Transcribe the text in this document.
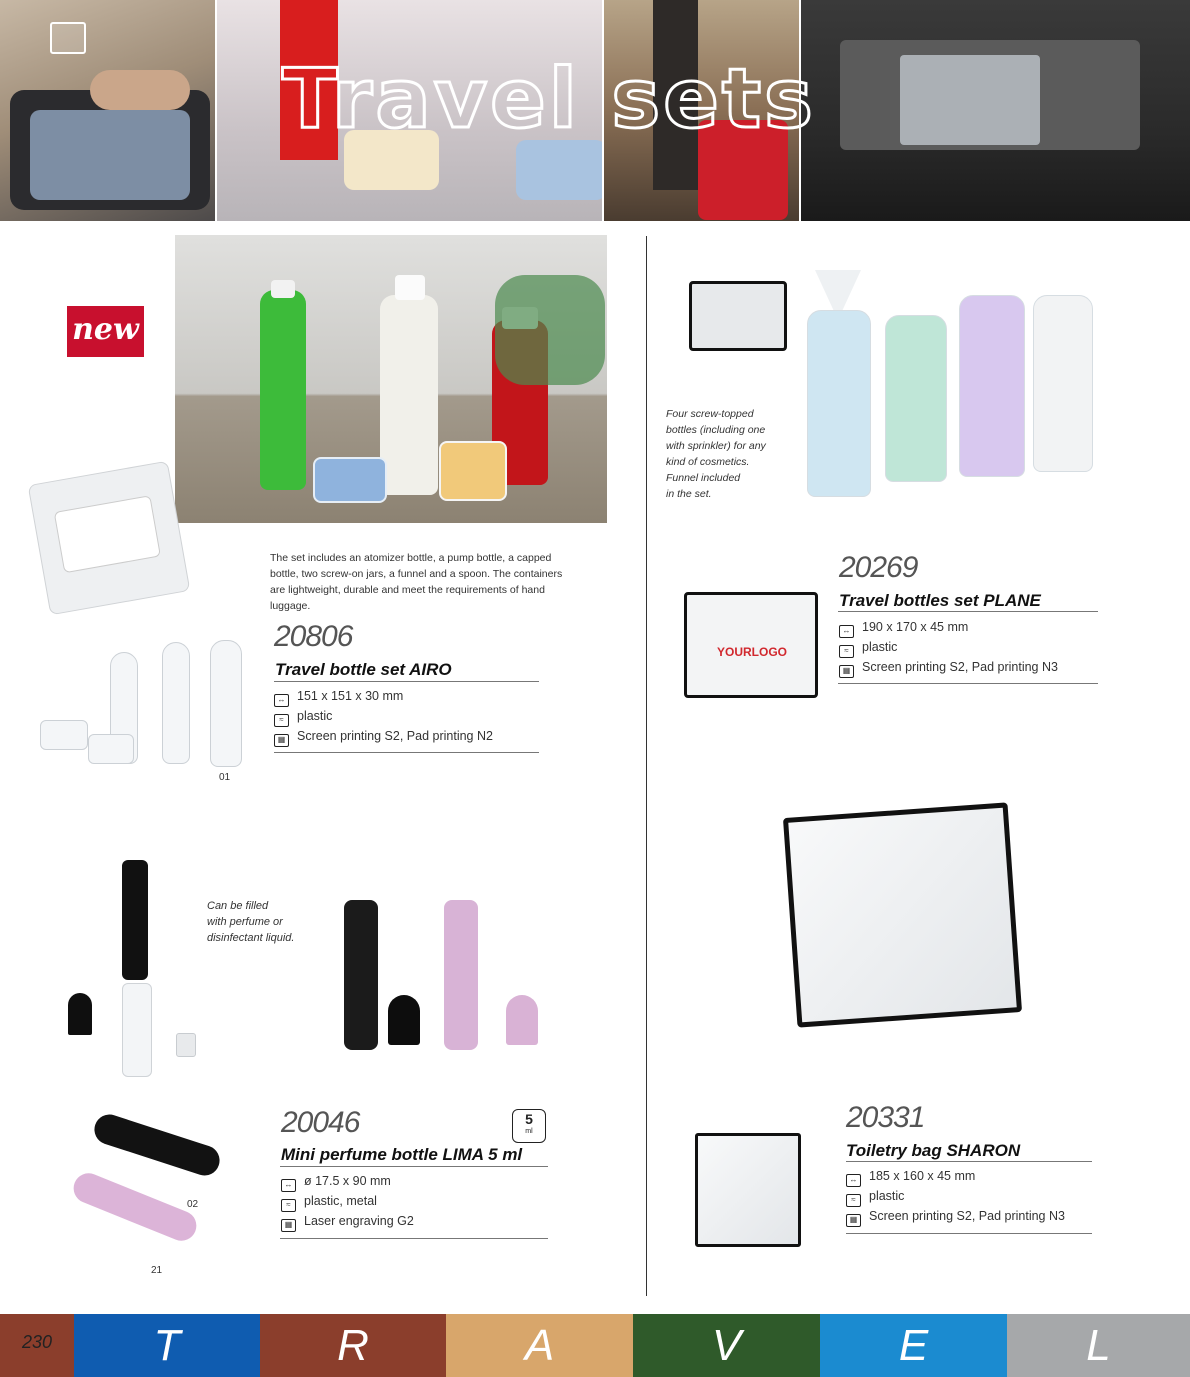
Travel sets
new
The set includes an atomizer bottle, a pump bottle, a capped bottle, two screw-on jars, a funnel and a spoon. The containers are lightweight, durable and meet the requirements of hand luggage.
01
20806
Travel bottle set AIRO
↔ 151 x 151 x 30 mm
≈ plastic
▦ Screen printing S2, Pad printing N2
Can be filled
with perfume or
disinfectant liquid.
02
21
20046	5
ml
Mini perfume bottle LIMA 5 ml
↔ ø 17.5 x 90 mm
≈ plastic, metal
▦ Laser engraving G2
Four screw-topped
bottles (including one
with sprinkler) for any
kind of cosmetics.
Funnel included
in the set.
YOURLOGO
20269
Travel bottles set PLANE
↔ 190 x 170 x 45 mm
≈ plastic
▦ Screen printing S2, Pad printing N3
20331
Toiletry bag SHARON
↔ 185 x 160 x 45 mm
≈ plastic
▦ Screen printing S2, Pad printing N3
230	T	R	A	V	E	L
